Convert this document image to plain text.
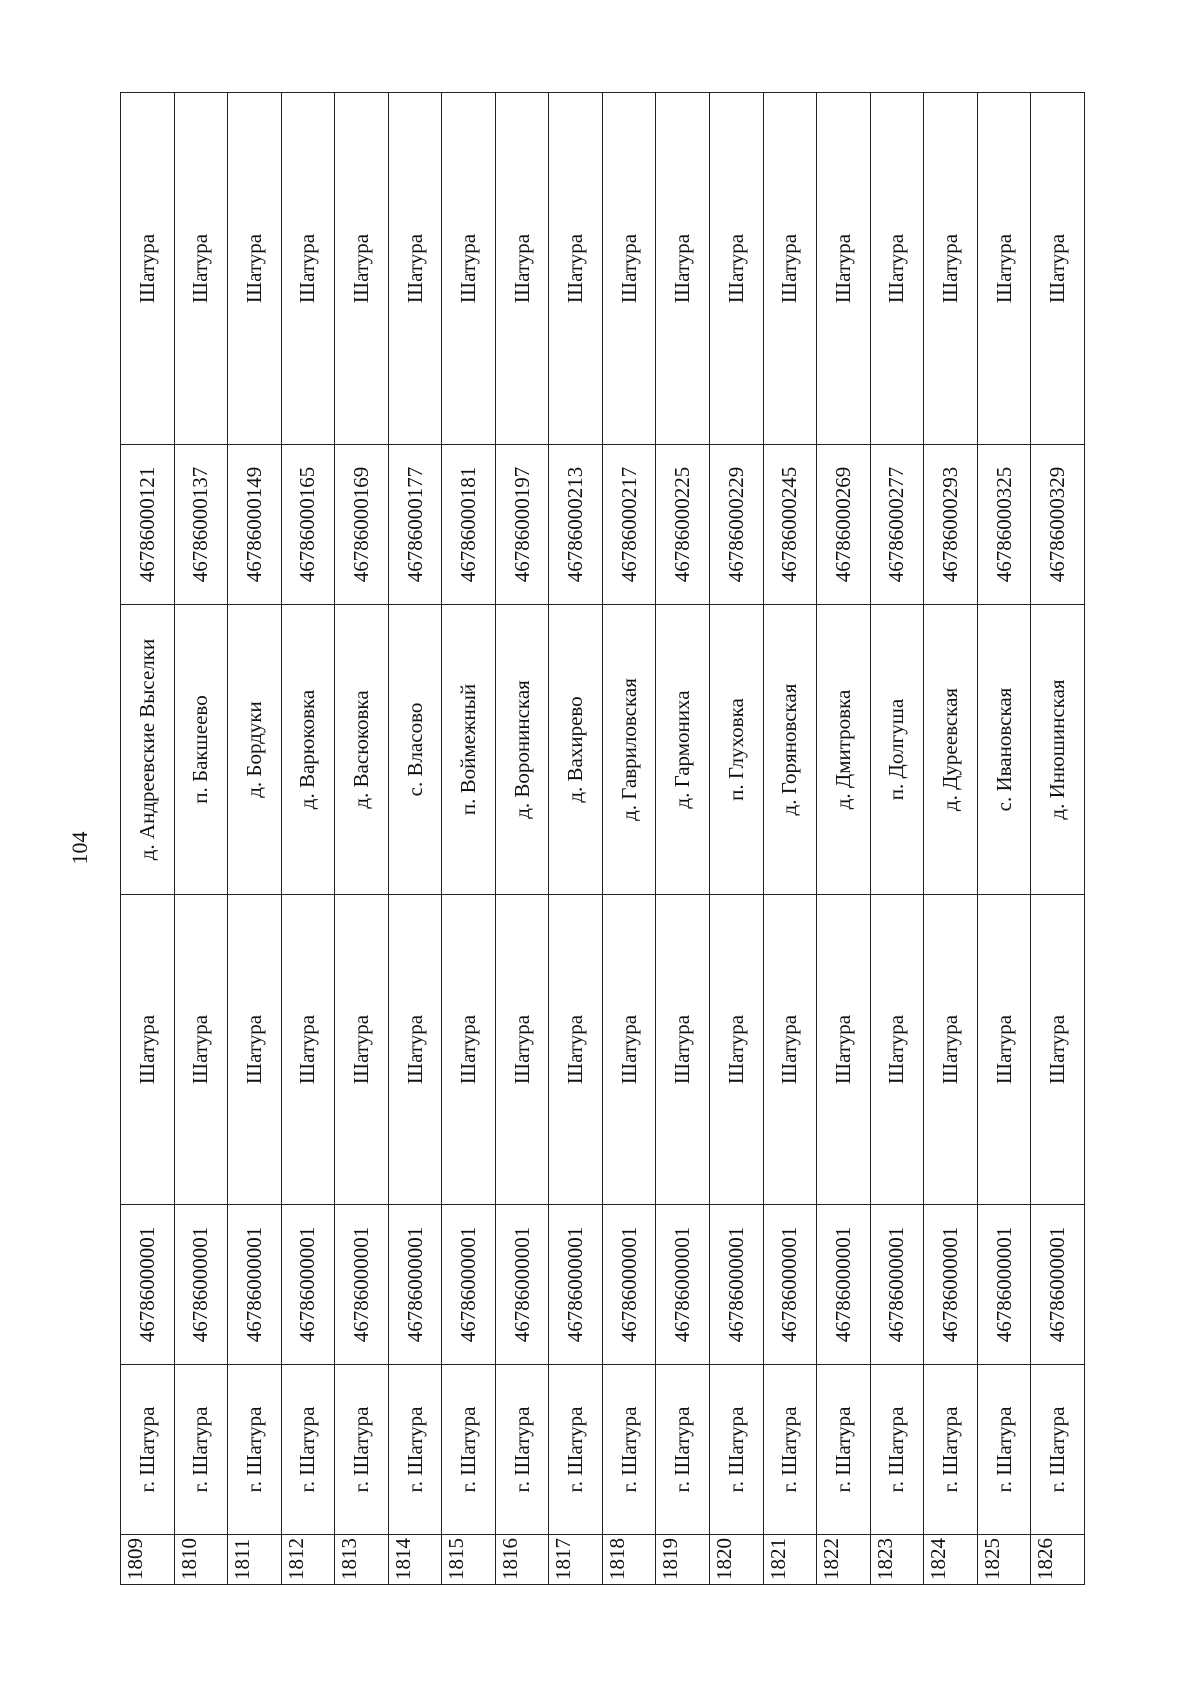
104
1809	г. Шатура	46786000001	Шатура	д. Андреевские Выселки	46786000121	Шатура
1810	г. Шатура	46786000001	Шатура	п. Бакшеево	46786000137	Шатура
1811	г. Шатура	46786000001	Шатура	д. Бордуки	46786000149	Шатура
1812	г. Шатура	46786000001	Шатура	д. Варюковка	46786000165	Шатура
1813	г. Шатура	46786000001	Шатура	д. Васюковка	46786000169	Шатура
1814	г. Шатура	46786000001	Шатура	с. Власово	46786000177	Шатура
1815	г. Шатура	46786000001	Шатура	п. Воймежный	46786000181	Шатура
1816	г. Шатура	46786000001	Шатура	д. Воронинская	46786000197	Шатура
1817	г. Шатура	46786000001	Шатура	д. Вахирево	46786000213	Шатура
1818	г. Шатура	46786000001	Шатура	д. Гавриловская	46786000217	Шатура
1819	г. Шатура	46786000001	Шатура	д. Гармониха	46786000225	Шатура
1820	г. Шатура	46786000001	Шатура	п. Глуховка	46786000229	Шатура
1821	г. Шатура	46786000001	Шатура	д. Горяновская	46786000245	Шатура
1822	г. Шатура	46786000001	Шатура	д. Дмитровка	46786000269	Шатура
1823	г. Шатура	46786000001	Шатура	п. Долгуша	46786000277	Шатура
1824	г. Шатура	46786000001	Шатура	д. Дуреевская	46786000293	Шатура
1825	г. Шатура	46786000001	Шатура	с. Ивановская	46786000325	Шатура
1826	г. Шатура	46786000001	Шатура	д. Инюшинская	46786000329	Шатура
